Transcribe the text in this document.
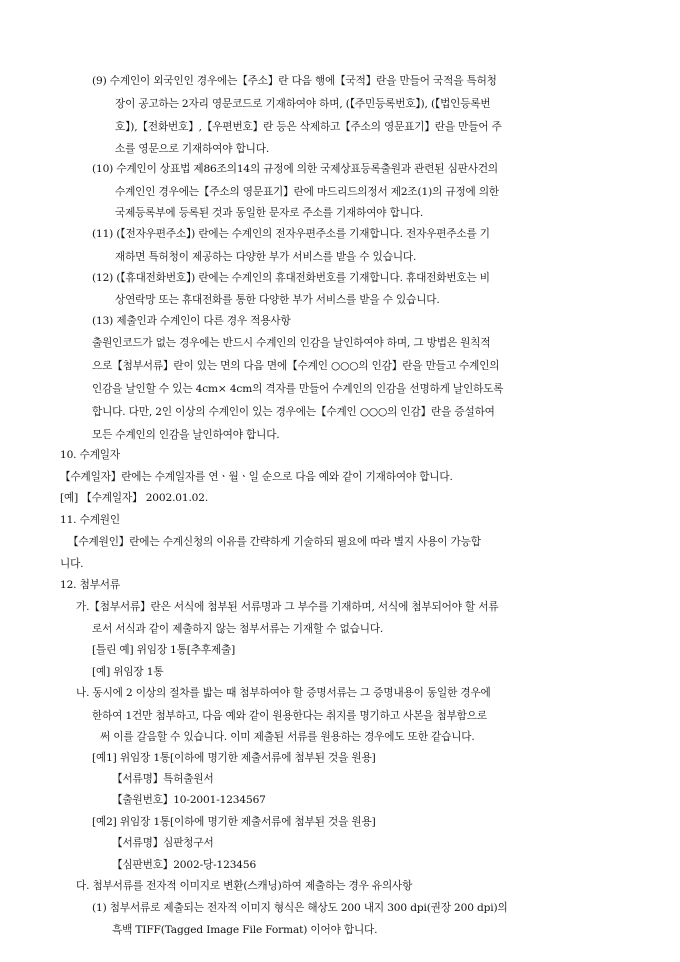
(9) 수계인이 외국인인 경우에는【주소】란 다음 행에【국적】란을 만들어 국적을 특허청
장이 공고하는 2자리 영문코드로 기재하여야 하며, (【주민등록번호】), (【법인등록번
호】),【전화번호】,【우편번호】란 등은 삭제하고【주소의 영문표기】란을 만들어 주
소를 영문으로 기재하여야 합니다.
(10) 수계인이 상표법 제86조의14의 규정에 의한 국제상표등록출원과 관련된 심판사건의
수계인인 경우에는【주소의 영문표기】란에 마드리드의정서 제2조(1)의 규정에 의한
국제등록부에 등록된 것과 동일한 문자로 주소를 기재하여야 합니다.
(11) (【전자우편주소】) 란에는 수계인의 전자우편주소를 기재합니다. 전자우편주소를 기
재하면 특허청이 제공하는 다양한 부가 서비스를 받을 수 있습니다.
(12) (【휴대전화번호】) 란에는 수계인의 휴대전화번호를 기재합니다. 휴대전화번호는 비
상연락망 또는 휴대전화를 통한 다양한 부가 서비스를 받을 수 있습니다.
(13) 제출인과 수계인이 다른 경우 적용사항
출원인코드가 없는 경우에는 반드시 수계인의 인감을 날인하여야 하며, 그 방법은 원칙적
으로【첨부서류】란이 있는 면의 다음 면에【수계인 ○○○의 인감】란을 만들고 수계인의
인감을 날인할 수 있는 4cm× 4cm의 격자를 만들어 수계인의 인감을 선명하게 날인하도록
합니다. 다만, 2인 이상의 수계인이 있는 경우에는【수계인 ○○○의 인감】란을 증설하여
모든 수계인의 인감을 날인하여야 합니다.
10. 수계일자
【수계일자】란에는 수계일자를 연ㆍ월ㆍ일 순으로 다음 예와 같이 기재하여야 합니다.
[예] 【수계일자】 2002.01.02.
11. 수계원인
【수계원인】란에는 수계신청의 이유를 간략하게 기술하되 필요에 따라 별지 사용이 가능합
니다.
12. 첨부서류
가.【첨부서류】란은 서식에 첨부된 서류명과 그 부수를 기재하며, 서식에 첨부되어야 할 서류
로서 서식과 같이 제출하지 않는 첨부서류는 기재할 수 없습니다.
[틀린 예] 위임장 1통[추후제출]
[예] 위임장 1통
나. 동시에 2 이상의 절차를 밟는 때 첨부하여야 할 증명서류는 그 증명내용이 동일한 경우에
한하여 1건만 첨부하고, 다음 예와 같이 원용한다는 취지를 명기하고 사본을 첨부함으로
써 이를 갈음할 수 있습니다. 이미 제출된 서류를 원용하는 경우에도 또한 같습니다.
[예1] 위임장 1통[이하에 명기한 제출서류에 첨부된 것을 원용]
【서류명】특허출원서
【출원번호】10-2001-1234567
[예2] 위임장 1통[이하에 명기한 제출서류에 첨부된 것을 원용]
【서류명】심판청구서
【심판번호】2002-당-123456
다. 첨부서류를 전자적 이미지로 변환(스캐닝)하여 제출하는 경우 유의사항
(1) 첨부서류로 제출되는 전자적 이미지 형식은 해상도 200 내지 300 dpi(권장 200 dpi)의
흑백 TIFF(Tagged Image File Format) 이어야 합니다.
